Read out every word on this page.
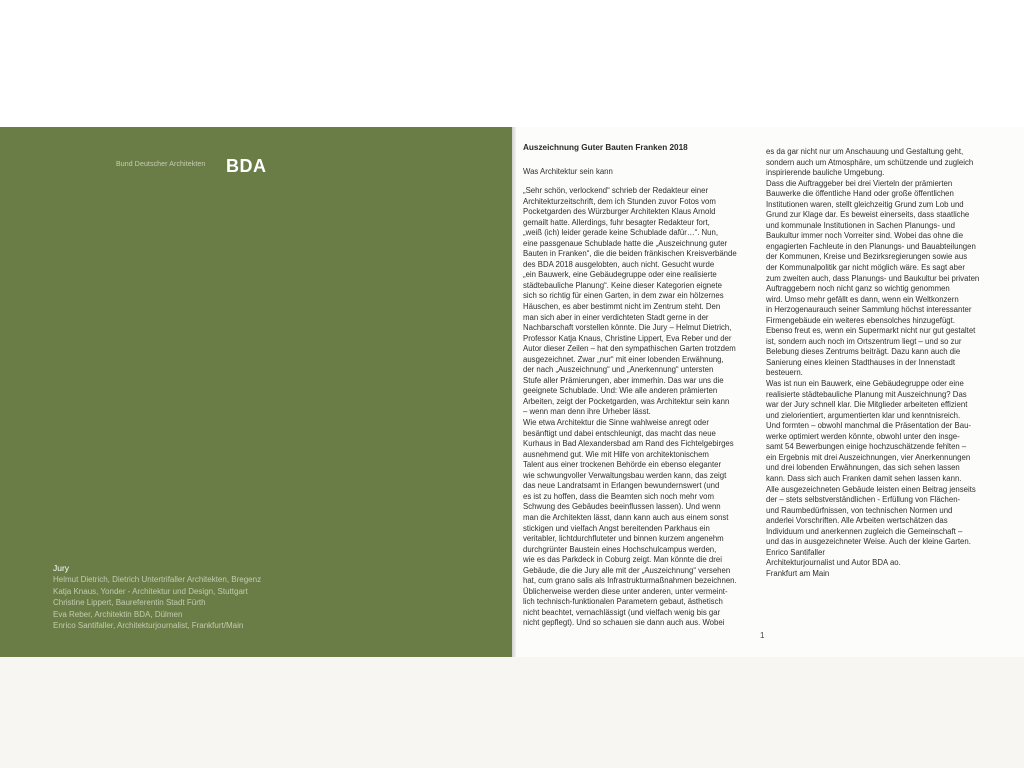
Bund Deutscher Architekten BDA
Jury
Helmut Dietrich, Dietrich Untertrifaller Architekten, Bregenz
Katja Knaus, Yonder - Architektur und Design, Stuttgart
Christine Lippert, Baureferentin Stadt Fürth
Eva Reber, Architektin BDA, Dülmen
Enrico Santifaller, Architekturjournalist, Frankfurt/Main
Auszeichnung Guter Bauten Franken 2018
Was Architektur sein kann

„Sehr schön, verlockend“ schrieb der Redakteur einer
Architekturzeitschrift, dem ich Stunden zuvor Fotos vom
Pocketgarden des Würzburger Architekten Klaus Arnold
gemailt hatte. Allerdings, fuhr besagter Redakteur fort,
„weiß (ich) leider gerade keine Schublade dafür…“. Nun,
eine passgenaue Schublade hatte die „Auszeichnung guter
Bauten in Franken“, die die beiden fränkischen Kreisverbände
des BDA 2018 ausgelobten, auch nicht. Gesucht wurde
„ein Bauwerk, eine Gebäudegruppe oder eine realisierte
städtebauliche Planung“. Keine dieser Kategorien eignete
sich so richtig für einen Garten, in dem zwar ein hölzernes
Häuschen, es aber bestimmt nicht im Zentrum steht. Den
man sich aber in einer verdichteten Stadt gerne in der
Nachbarschaft vorstellen könnte. Die Jury – Helmut Dietrich,
Professor Katja Knaus, Christine Lippert, Eva Reber und der
Autor dieser Zeilen – hat den sympathischen Garten trotzdem
ausgezeichnet. Zwar „nur“ mit einer lobenden Erwähnung,
der nach „Auszeichnung“ und „Anerkennung“ untersten
Stufe aller Prämierungen, aber immerhin. Das war uns die
geeignete Schublade. Und: Wie alle anderen prämierten
Arbeiten, zeigt der Pocketgarden, was Architektur sein kann
– wenn man denn ihre Urheber lässt.

Wie etwa Architektur die Sinne wahlweise anregt oder
besänftigt und dabei entschleunigt, das macht das neue
Kurhaus in Bad Alexandersbad am Rand des Fichtelgebirges
ausnehmend gut. Wie mit Hilfe von architektonischem
Talent aus einer trockenen Behörde ein ebenso eleganter
wie schwungvoller Verwaltungsbau werden kann, das zeigt
das neue Landratsamt in Erlangen bewundernswert (und
es ist zu hoffen, dass die Beamten sich noch mehr vom
Schwung des Gebäudes beeinflussen lassen). Und wenn
man die Architekten lässt, dann kann auch aus einem sonst
stickigen und vielfach Angst bereitenden Parkhaus ein
veritabler, lichtdurchfluteter und binnen kurzem angenehm
durchgrünter Baustein eines Hochschulcampus werden,
wie es das Parkdeck in Coburg zeigt. Man könnte die drei
Gebäude, die die Jury alle mit der „Auszeichnung“ versehen
hat, cum grano salis als Infrastrukturmaßnahmen bezeichnen.
Üblicherweise werden diese unter anderen, unter vermeint-
lich technisch-funktionalen Parametern gebaut, ästhetisch
nicht beachtet, vernachlässigt (und vielfach wenig bis gar
nicht gepflegt). Und so schauen sie dann auch aus. Wobei

es da gar nicht nur um Anschauung und Gestaltung geht,
sondern auch um Atmosphäre, um schützende und zugleich
inspirierende bauliche Umgebung.

Dass die Auftraggeber bei drei Vierteln der prämierten
Bauwerke die öffentliche Hand oder große öffentlichen
Institutionen waren, stellt gleichzeitig Grund zum Lob und
Grund zur Klage dar. Es beweist einerseits, dass staatliche
und kommunale Institutionen in Sachen Planungs- und
Baukultur immer noch Vorreiter sind. Wobei das ohne die
engagierten Fachleute in den Planungs- und Bauabteilungen
der Kommunen, Kreise und Bezirksregierungen sowie aus
der Kommunalpolitik gar nicht möglich wäre. Es sagt aber
zum zweiten auch, dass Planungs- und Baukultur bei privaten
Auftraggebern noch nicht ganz so wichtig genommen
wird. Umso mehr gefällt es dann, wenn ein Weltkonzern
in Herzogenaurauch seiner Sammlung höchst interessanter
Firmengebäude ein weiteres ebensolches hinzugefügt.
Ebenso freut es, wenn ein Supermarkt nicht nur gut gestaltet
ist, sondern auch noch im Ortszentrum liegt – und so zur
Belebung dieses Zentrums beiträgt. Dazu kann auch die
Sanierung eines kleinen Stadthauses in der Innenstadt
besteuern.

Was ist nun ein Bauwerk, eine Gebäudegruppe oder eine
realisierte städtebauliche Planung mit Auszeichnung? Das
war der Jury schnell klar. Die Mitglieder arbeiteten effizient
und zielorientiert, argumentierten klar und kenntnisreich.
Und formten – obwohl manchmal die Präsentation der Bau-
werke optimiert werden könnte, obwohl unter den insge-
samt 54 Bewerbungen einige hochzuschätzende fehlten –
ein Ergebnis mit drei Auszeichnungen, vier Anerkennungen
und drei lobenden Erwähnungen, das sich sehen lassen
kann. Dass sich auch Franken damit sehen lassen kann.
Alle ausgezeichneten Gebäude leisten einen Beitrag jenseits
der – stets selbstverständlichen - Erfüllung von Flächen-
und Raumbedürfnissen, von technischen Normen und
anderlei Vorschriften. Alle Arbeiten wertschätzen das
Individuum und anerkennen zugleich die Gemeinschaft –
und das in ausgezeichneter Weise. Auch der kleine Garten.

Enrico Santifaller
Architekturjournalist und Autor BDA ao.
Frankfurt am Main

1
